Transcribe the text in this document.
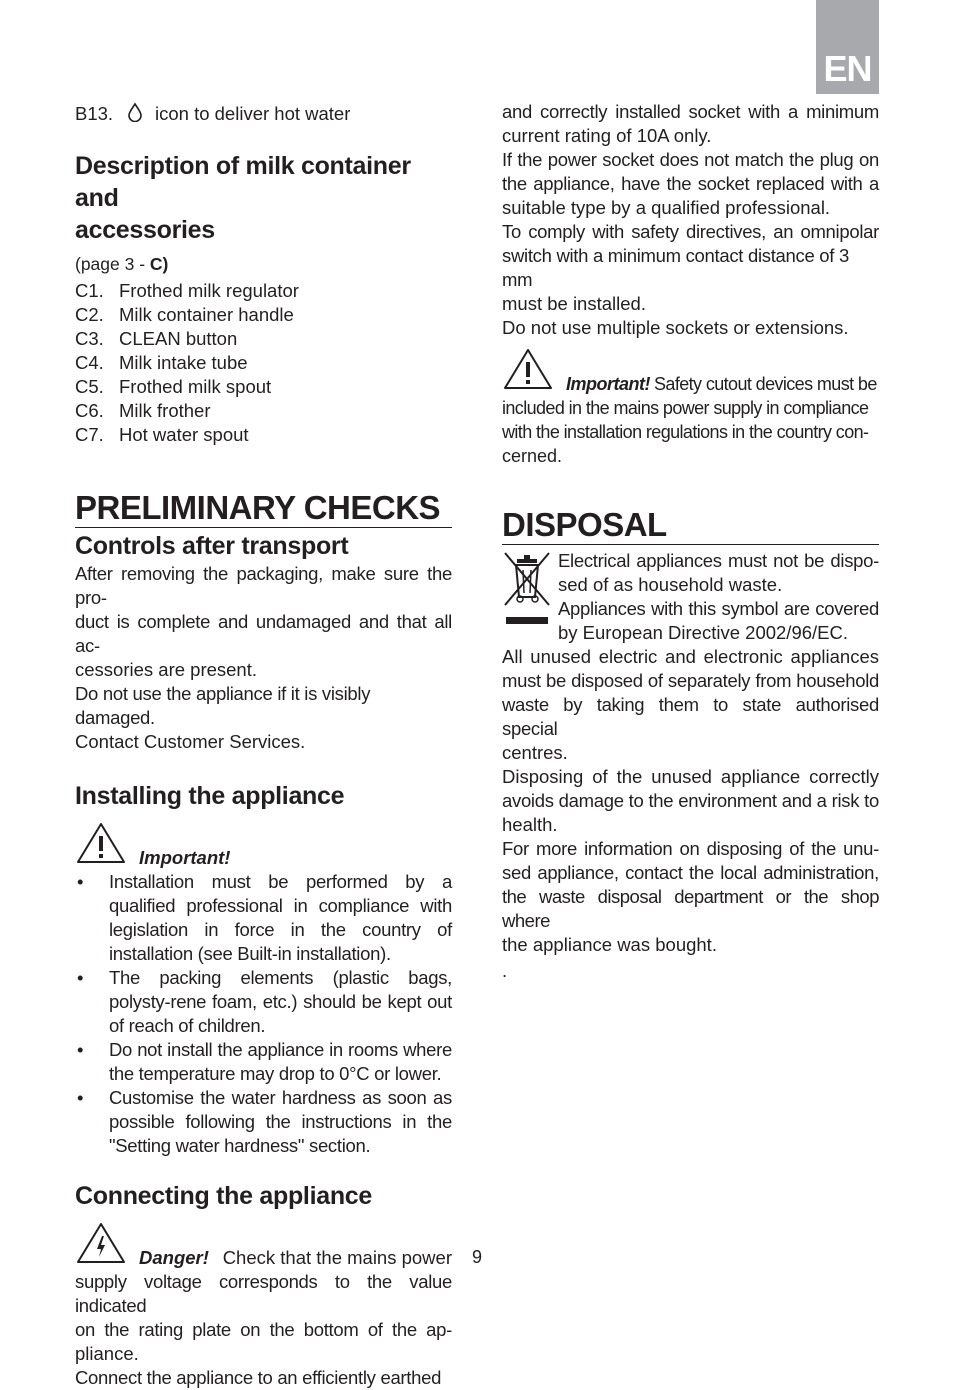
EN
B13.	icon to deliver hot water
Description of milk container and
accessories

(page 3 - C)

C1. Frothed milk regulator
C2. Milk container handle
C3. CLEAN button
C4. Milk intake tube
C5. Frothed milk spout
C6. Milk frother
C7. Hot water spout
PRELIMINARY CHECKS
Controls after transport

After removing the packaging, make sure the pro-

duct is complete and undamaged and that all ac-

cessories are present.

Do not use the appliance if it is visibly damaged.

Contact Customer Services.

Installing the appliance
Important!
•	Installation must be performed by a qualified professional in compliance with legislation in force in the country of installation (see Built-in installation).
•	The packing elements (plastic bags, polysty-rene foam, etc.) should be kept out of reach of children.
•	Do not install the appliance in rooms where the temperature may drop to 0°C or lower.
•	Customise the water hardness as soon as possible following the instructions in the "Setting water hardness" section.
Connecting the appliance
Danger! Check that the mains power

supply voltage corresponds to the value indicated

on the rating plate on the bottom of the ap-

pliance.

Connect the appliance to an efficiently earthed

and correctly installed socket with a minimum

current rating of 10A only.

If the power socket does not match the plug on

the appliance, have the socket replaced with a

suitable type by a qualified professional.

To comply with safety directives, an omnipolar

switch with a minimum contact distance of 3 mm

must be installed.

Do not use multiple sockets or extensions.

Important! Safety cutout devices must be

included in the mains power supply in compliance

with the installation regulations in the country con-

cerned.

DISPOSAL

Electrical appliances must not be dispo-

sed of as household waste.

Appliances with this symbol are covered

by European Directive 2002/96/EC.

All unused electric and electronic appliances

must be disposed of separately from household

waste by taking them to state authorised special

centres.

Disposing of the unused appliance correctly

avoids damage to the environment and a risk to

health.

For more information on disposing of the unu-

sed appliance, contact the local administration,

the waste disposal department or the shop where

the appliance was bought.

.

9
